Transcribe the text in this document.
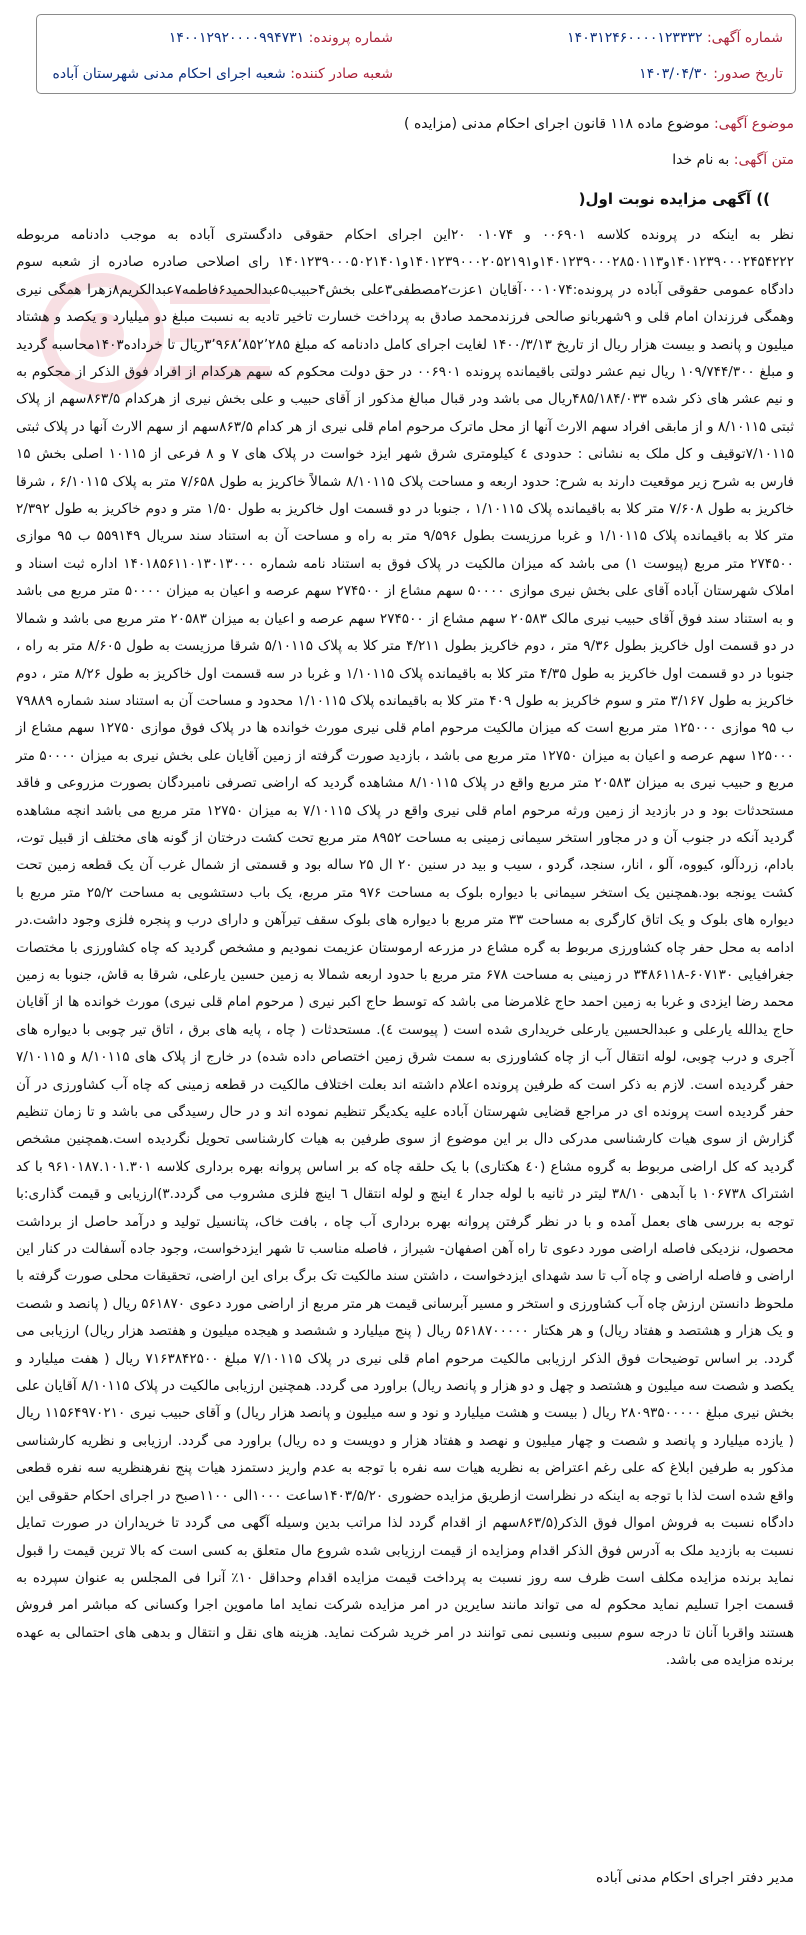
شماره آگهی: ۱۴۰۳۱۲۴۶۰۰۰۰۱۲۳۳۳۲
شماره پرونده: ۱۴۰۰۱۲۹۲۰۰۰۰۹۹۴۷۳۱
تاریخ صدور: ۱۴۰۳/۰۴/۳۰
شعبه صادر کننده: شعبه اجرای احکام مدنی شهرستان آباده
موضوع آگهی: موضوع ماده ۱۱۸ قانون اجرای احکام مدنی (مزایده )
متن آگهی: به نام خدا
)آگهی مزایده نوبت اول ((
نظر به اینکه در پرونده کلاسه ۰۰۶۹۰۱ و ۰۱۰۷۴ ۲۰این اجرای احکام حقوقی دادگستری آباده به موجب دادنامه مربوطه ۱۴۰۱۲۳۹۰۰۰۲۴۵۴۲۲۲و۱۴۰۱۲۳۹۰۰۰۲۸۵۰۱۱۳و۱۴۰۱۲۳۹۰۰۰۲۰۵۲۱۹۱و۱۴۰۱۲۳۹۰۰۰۵۰۲۱۴۰۱ رای اصلاحی صادره صادره از شعبه سوم دادگاه عمومی حقوقی آباده در پرونده:۰۰۰۱۰۷۴آقایان ۱عزت۲مصطفی۳علی بخش۴حبیب۵عبدالحمید۶فاطمه۷عبدالکریم۸زهرا همگی نیری وهمگی فرزندان امام قلی و ۹شهربانو صالحی فرزندمحمد صادق به پرداخت خسارت تاخیر تادیه به نسبت مبلغ دو میلیارد و یکصد و هشتاد میلیون و پانصد و بیست هزار ریال از تاریخ ۱۴۰۰/۳/۱۳ لغایت اجرای کامل دادنامه که مبلغ ۳٬۹۶۸٬۸۵۲٬۲۸۵ریال تا خرداده۱۴۰۳محاسبه گردید و مبلغ ۱۰۹/۷۴۴/۳۰۰ ریال نیم عشر دولتی باقیمانده پرونده ۰۰۶۹۰۱ در حق دولت محکوم که سهم هرکدام از افراد فوق الذکر از محکوم به و نیم عشر های ذکر شده ۴۸۵/۱۸۴/۰۳۳ریال می باشد ودر قبال مبالغ مذکور از آقای حبیب و علی بخش نیری از هرکدام ۸۶۳/۵سهم از پلاک ثبتی ۸/۱۰۱۱۵ و از مابقی افراد سهم الارث آنها از محل ماترک مرحوم امام قلی نیری از هر کدام ۸۶۳/۵سهم از سهم الارث آنها در پلاک ثبتی ۷/۱۰۱۱۵توقیف و کل ملک به نشانی : حدودی ٤ کیلومتری شرق شهر ایزد خواست در پلاک های ۷ و ۸ فرعی از ۱۰۱۱۵ اصلی بخش ۱۵ فارس به شرح زیر موقعیت دارند به شرح: حدود اربعه و مساحت پلاک ۸/۱۰۱۱۵ شمالاً خاکریز به طول ۷/۶۵۸ متر به پلاک ۶/۱۰۱۱۵ ، شرقا خاکریز به طول ۷/۶۰۸ متر کلا به باقیمانده پلاک ۱/۱۰۱۱۵ ، جنوبا در دو قسمت اول خاکریز به طول ۱/۵۰ متر و دوم خاکریز به طول ۲/۳۹۲ متر کلا به باقیمانده پلاک ۱/۱۰۱۱۵ و غربا مرزیست بطول ۹/۵۹۶ متر به راه و مساحت آن به استناد سند سریال ۵۵۹۱۴۹ ب ۹۵ موازی ۲۷۴۵۰۰ متر مربع (پیوست ۱) می باشد که میزان مالکیت در پلاک فوق به استناد نامه شماره ۱۴۰۱۸۵۶۱۱۰۱۳۰۱۳۰۰۰ اداره ثبت اسناد و املاک شهرستان آباده آقای علی بخش نیری موازی ۵۰۰۰۰ سهم مشاع از ۲۷۴۵۰۰ سهم عرصه و اعیان به میزان ۵۰۰۰۰ متر مربع می باشد و به استناد سند فوق آقای حبیب نیری مالک ۲۰۵۸۳ سهم مشاع از ۲۷۴۵۰۰ سهم عرصه و اعیان به میزان ۲۰۵۸۳ متر مربع می باشد و شمالا در دو قسمت اول خاکریز بطول ۹/۳۶ متر ، دوم خاکریز بطول ۴/۲۱۱ متر کلا به پلاک ۵/۱۰۱۱۵ شرقا مرزیست به طول ۸/۶۰۵ متر به راه ، جنوبا در دو قسمت اول خاکریز به طول ۴/۳۵ متر کلا به باقیمانده پلاک ۱/۱۰۱۱۵ و غربا در سه قسمت اول خاکریز به طول ۸/۲۶ متر ، دوم خاکریز به طول ۳/۱۶۷ متر و سوم خاکریز به طول ۴۰۹ متر کلا به باقیمانده پلاک ۱/۱۰۱۱۵ محدود و مساحت آن به استناد سند شماره ۷۹۸۸۹ ب ۹۵ موازی ۱۲۵۰۰۰ متر مربع است که میزان مالکیت مرحوم امام قلی نیری مورث خوانده ها در پلاک فوق موازی ۱۲۷۵۰ سهم مشاع از ۱۲۵۰۰۰ سهم عرصه و اعیان به میزان ۱۲۷۵۰ متر مربع می باشد ، بازدید صورت گرفته از زمین آقایان علی بخش نیری به میزان ۵۰۰۰۰ متر مربع و حبیب نیری به میزان ۲۰۵۸۳ متر مربع واقع در پلاک ۸/۱۰۱۱۵ مشاهده گردید که اراضی تصرفی نامبردگان بصورت مزروعی و فاقد مستحدثات بود و در بازدید از زمین ورثه مرحوم امام قلی نیری واقع در پلاک ۷/۱۰۱۱۵ به میزان ۱۲۷۵۰ متر مربع می باشد انچه مشاهده گردید آنکه در جنوب آن و در مجاور استخر سیمانی زمینی به مساحت ۸۹۵۲ متر مربع تحت کشت درختان از گونه های مختلف از قبیل توت، بادام، زردآلو، کیووه، آلو ، انار، سنجد، گردو ، سیب و بید در سنین ۲۰ ال ۲۵ ساله بود و قسمتی از شمال غرب آن یک قطعه زمین تحت کشت یونجه بود.همچنین یک استخر سیمانی با دیواره بلوک به مساحت ۹۷۶ متر مربع، یک باب دستشویی به مساحت ۲۵/۲ متر مربع با دیواره های بلوک و یک اتاق کارگری به مساحت ۳۳ متر مربع با دیواره های بلوک سقف تیرآهن و دارای درب و پنجره فلزی وجود داشت.در ادامه به محل حفر چاه کشاورزی مربوط به گره مشاع در مزرعه ارموستان عزیمت نمودیم و مشخص گردید که چاه کشاورزی با مختصات جغرافیایی ۶۰۷۱۳۰-۳۴۸۶۱۱۸ در زمینی به مساحت ۶۷۸ متر مربع با حدود اربعه شمالا به زمین حسین یارعلی، شرقا به قاش، جنوبا به زمین محمد رضا ایزدی و غربا به زمین احمد حاج غلامرضا می باشد که توسط حاج اکبر نیری ( مرحوم امام قلی نیری) مورث خوانده ها از آقایان حاج یدالله یارعلی و عبدالحسین یارعلی خریداری شده است ( پیوست ٤). مستحدثات ( چاه ، پایه های برق ، اتاق تیر چوبی با دیواره های آجری و درب چوبی، لوله انتقال آب از چاه کشاورزی به سمت شرق زمین اختصاص داده شده) در خارج از پلاک های ۸/۱۰۱۱۵ و ۷/۱۰۱۱۵ حفر گردیده است. لازم به ذکر است که طرفین پرونده اعلام داشته اند بعلت اختلاف مالکیت در قطعه زمینی که چاه آب کشاورزی در آن حفر گردیده است پرونده ای در مراجع قضایی شهرستان آباده علیه یکدیگر تنظیم نموده اند و در حال رسیدگی می باشد و تا زمان تنظیم گزارش از سوی هیات کارشناسی مدرکی دال بر این موضوع از سوی طرفین به هیات کارشناسی تحویل نگردیده است.همچنین مشخص گردید که کل اراضی مربوط به گروه مشاع (٤٠ هکتاری) با یک حلقه چاه که بر اساس پروانه بهره برداری کلاسه ۹۶۱۰۱۸۷.۱۰۱.۳۰۱ با کد اشتراک ۱۰۶۷۳۸ با آبدهی ۳۸/۱۰ لیتر در ثانیه با لوله جدار ٤ اینچ و لوله انتقال ٦ اینچ فلزی مشروب می گردد.۳)ارزیابی و قیمت گذاری:با توجه به بررسی های بعمل آمده و با در نظر گرفتن پروانه بهره برداری آب چاه ، بافت خاک، پتانسیل تولید و درآمد حاصل از برداشت محصول، نزدیکی فاصله اراضی مورد دعوی تا راه آهن اصفهان- شیراز ، فاصله مناسب تا شهر ایزدخواست، وجود جاده آسفالت در کنار این اراضی و فاصله اراضی و چاه آب تا سد شهدای ایزدخواست ، داشتن سند مالکیت تک برگ برای این اراضی، تحقیقات محلی صورت گرفته با ملحوظ دانستن ارزش چاه آب کشاورزی و استخر و مسیر آبرسانی قیمت هر متر مربع از اراضی مورد دعوی ۵۶۱۸۷۰ ریال ( پانصد و شصت و یک هزار و هشتصد و هفتاد ریال) و هر هکتار ۵۶۱۸۷۰۰۰۰۰ ریال ( پنج میلیارد و ششصد و هیجده میلیون و هفتصد هزار ریال) ارزیابی می گردد. بر اساس توضیحات فوق الذکر ارزیابی مالکیت مرحوم امام قلی نیری در پلاک ۷/۱۰۱۱۵ مبلغ ۷۱۶۳۸۴۲۵۰۰ ریال ( هفت میلیارد و یکصد و شصت سه میلیون و هشتصد و چهل و دو هزار و پانصد ریال) براورد می گردد. همچنین ارزیابی مالکیت در پلاک ۸/۱۰۱۱۵ آقایان علی بخش نیری مبلغ ۲۸۰۹۳۵۰۰۰۰۰ ریال ( بیست و هشت میلیارد و نود و سه میلیون و پانصد هزار ریال) و آقای حبیب نیری ۱۱۵۶۴۹۷۰۲۱۰ ریال ( یازده میلیارد و پانصد و شصت و چهار میلیون و نهصد و هفتاد هزار و دویست و ده ریال) براورد می گردد. ارزیابی و نظریه کارشناسی مذکور به طرفین ابلاغ که علی رغم اعتراض به نظریه هیات سه نفره با توجه به عدم واریز دستمزد هیات پنج نفرهنظریه سه نفره قطعی واقع شده است لذا با توجه به اینکه در نظراست ازطریق مزایده حضوری ۱۴۰۳/۵/۲۰ساعت ۱۰۰۰الی ۱۱۰۰صبح در اجرای احکام حقوقی این دادگاه نسبت به فروش اموال فوق الذکر(۸۶۳/۵سهم از اقدام گردد لذا مراتب بدین وسیله آگهی می گردد تا خریداران در صورت تمایل نسبت به بازدید ملک به آدرس فوق الذکر اقدام ومزایده از قیمت ارزیابی شده شروع مال متعلق به کسی است که بالا ترین قیمت را قبول نماید برنده مزایده مکلف است ظرف سه روز نسبت به پرداخت قیمت مزایده اقدام وحداقل ۱۰٪ آنرا فی المجلس به عنوان سپرده به قسمت اجرا تسلیم نماید محکوم له می تواند مانند سایرین در امر مزایده شرکت نماید اما ماموین اجرا وکسانی که مباشر امر فروش هستند واقربا آنان تا درجه سوم سببی ونسبی نمی توانند در امر خرید شرکت نماید. هزینه های نقل و انتقال و بدهی های احتمالی به عهده برنده مزایده می باشد.
مدیر دفتر اجرای احکام مدنی آباده
